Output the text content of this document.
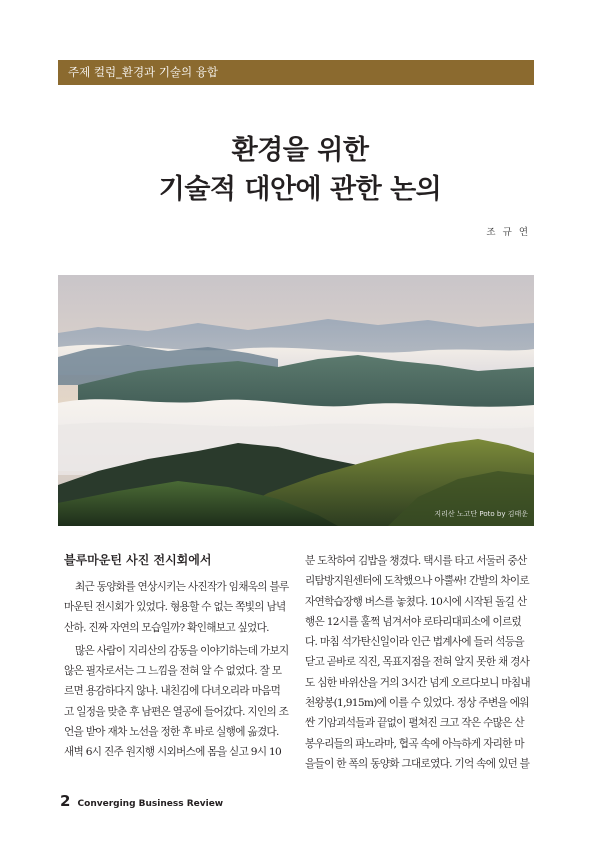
주제 컬럼_환경과 기술의 융합
환경을 위한
기술적 대안에 관한 논의
조 규 연
지리산 노고단 Poto by 김태운
블루마운틴 사진 전시회에서
최근 동양화를 연상시키는 사진작가 임채욱의 블루
마운틴 전시회가 있었다. 형용할 수 없는 쪽빛의 남녘
산하. 진짜 자연의 모습일까? 확인해보고 싶었다.
많은 사람이 지리산의 감동을 이야기하는데 가보지
않은 필자로서는 그 느낌을 전혀 알 수 없었다. 잘 모
르면 용감하다지 않나. 내친김에 다녀오리라 마음먹
고 일정을 맞춘 후 남편은 열공에 들어갔다. 지인의 조
언을 받아 재차 노선을 정한 후 바로 실행에 옮겼다.
새벽 6시 진주 원지행 시외버스에 몸을 싣고 9시 10
분 도착하여 김밥을 챙겼다. 택시를 타고 서둘러 중산
리탐방지원센터에 도착했으나 아뿔싸! 간발의 차이로
자연학습장행 버스를 놓쳤다. 10시에 시작된 돌길 산
행은 12시를 훌쩍 넘겨서야 로타리대피소에 이르렀
다. 마침 석가탄신일이라 인근 법계사에 들러 석등을
닫고 곧바로 직진, 목표지점을 전혀 알지 못한 채 경사
도 심한 바위산을 거의 3시간 넘게 오르다보니 마침내
천왕봉(1,915m)에 이를 수 있었다. 정상 주변을 에워
싼 기암괴석들과 끝없이 펼쳐진 크고 작은 수많은 산
봉우리들의 파노라마, 협곡 속에 아늑하게 자리한 마
을들이 한 폭의 동양화 그대로였다. 기억 속에 있던 블
2 Converging Business Review
